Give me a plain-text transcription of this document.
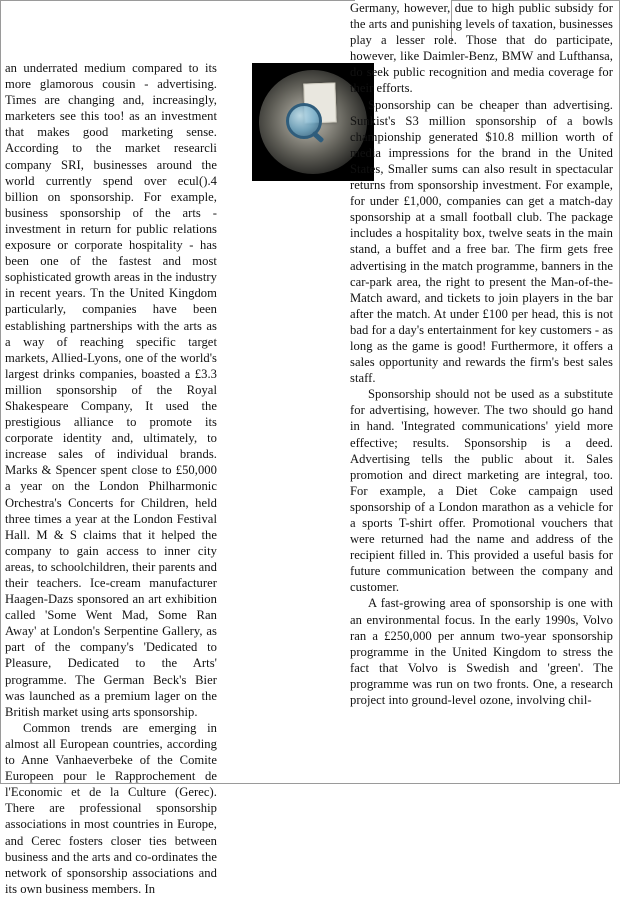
an underrated medium compared to its more glamorous cousin - advertising. Times are changing and, increasingly, marketers see this too! as an investment that makes good marketing sense. According to the market researcli company SRI, businesses around the world currently spend over ecul().4 billion on sponsorship. For example, business sponsorship of the arts - investment in return for public relations exposure or corporate hospitality - has been one of the fastest and most sophisticated growth areas in the industry in recent years. Tn the United Kingdom particularly, companies have been establishing partnerships with the arts as a way of reaching specific target markets, Allied-Lyons, one of the world's largest drinks companies, boasted a £3.3 million sponsorship of the Royal Shakespeare Company, It used the prestigious alliance to promote its corporate identity and, ultimately, to increase sales of individual brands. Marks & Spencer spent close to £50,000 a year on the London Philharmonic Orchestra's Concerts for Children, held three times a year at the London Festival Hall. M & S claims that it helped the company to gain access to inner city areas, to schoolchildren, their parents and their teachers. Ice-cream manufacturer Haagen-Dazs sponsored an art exhibition called 'Some Went Mad, Some Ran Away' at London's Serpentine Gallery, as part of the company's 'Dedicated to Pleasure, Dedicated to the Arts' programme. The German Beck's Bier was launched as a premium lager on the British market using arts sponsorship.

Common trends are emerging in almost all European countries, according to Anne Vanhaeverbeke of the Comite Europeen pour le Rapprochement de l'Economic et de la Culture (Gerec). There are professional sponsorship associations in most countries in Europe, and Cerec fosters closer ties between business and the arts and co-ordinates the network of sponsorship associations and its own business members. In

Germany, however, due to high public subsidy for the arts and punishing levels of taxation, businesses play a lesser role. Those that do participate, however, like Daimler-Benz, BMW and Lufthansa, do seek public recognition and media coverage for their efforts.

Sponsorship can be cheaper than advertising. Sunkist's S3 million sponsorship of a bowls championship generated $10.8 million worth of media impressions for the brand in the United States, Smaller sums can also result in spectacular returns from sponsorship investment. For example, for under £1,000, companies can get a match-day sponsorship at a small football club. The package includes a hospitality box, twelve seats in the main stand, a buffet and a free bar. The firm gets free advertising in the match programme, banners in the car-park area, the right to present the Man-of-the-Match award, and tickets to join players in the bar after the match. At under £100 per head, this is not bad for a day's entertainment for key customers - as long as the game is good! Furthermore, it offers a sales opportunity and rewards the firm's best sales staff.

Sponsorship should not be used as a substitute for advertising, however. The two should go hand in hand. 'Integrated communications' yield more effective; results. Sponsorship is a deed. Advertising tells the public about it. Sales promotion and direct marketing are integral, too. For example, a Diet Coke campaign used sponsorship of a London marathon as a vehicle for a sports T-shirt offer. Promotional vouchers that were returned had the name and address of the recipient filled in. This provided a useful basis for future communication between the company and customer.

A fast-growing area of sponsorship is one with an environmental focus. In the early 1990s, Volvo ran a £250,000 per annum two-year sponsorship programme in the United Kingdom to stress the fact that Volvo is Swedish and 'green'. The programme was run on two fronts. One, a research project into ground-level ozone, involving chil-
